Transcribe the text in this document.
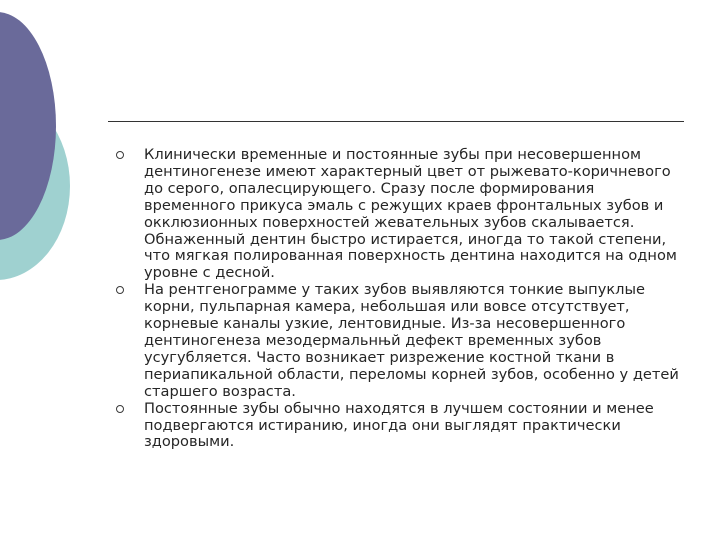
Клинически временные и постоянные зубы при несовершенном дентиногенезе имеют характерный цвет от рыжевато-коричневого до серого, опалесцирующего. Сразу после формирования временного прикуса эмаль с режущих краев фронтальных зубов и окклюзионных поверхностей жевательных зубов скалывается. Обнаженный дентин быстро истирается, иногда то такой степени, что мягкая полированная поверхность дентина находится на одном уровне с десной.
На рентгенограмме у таких зубов выявляются тонкие выпуклые корни, пульпарная камера, небольшая или вовсе отсутствует, корневые каналы узкие, лентовидные. Из-за несовершенного дентиногенеза мезодермальнњй дефект временных зубов усугубляется. Часто возникает ризрежение костной ткани в периапикальной области, переломы корней зубов, особенно у детей старшего возраста.
Постоянные зубы обычно находятся в лучшем состоянии и менее подвергаются истиранию, иногда они выглядят практически здоровыми.
